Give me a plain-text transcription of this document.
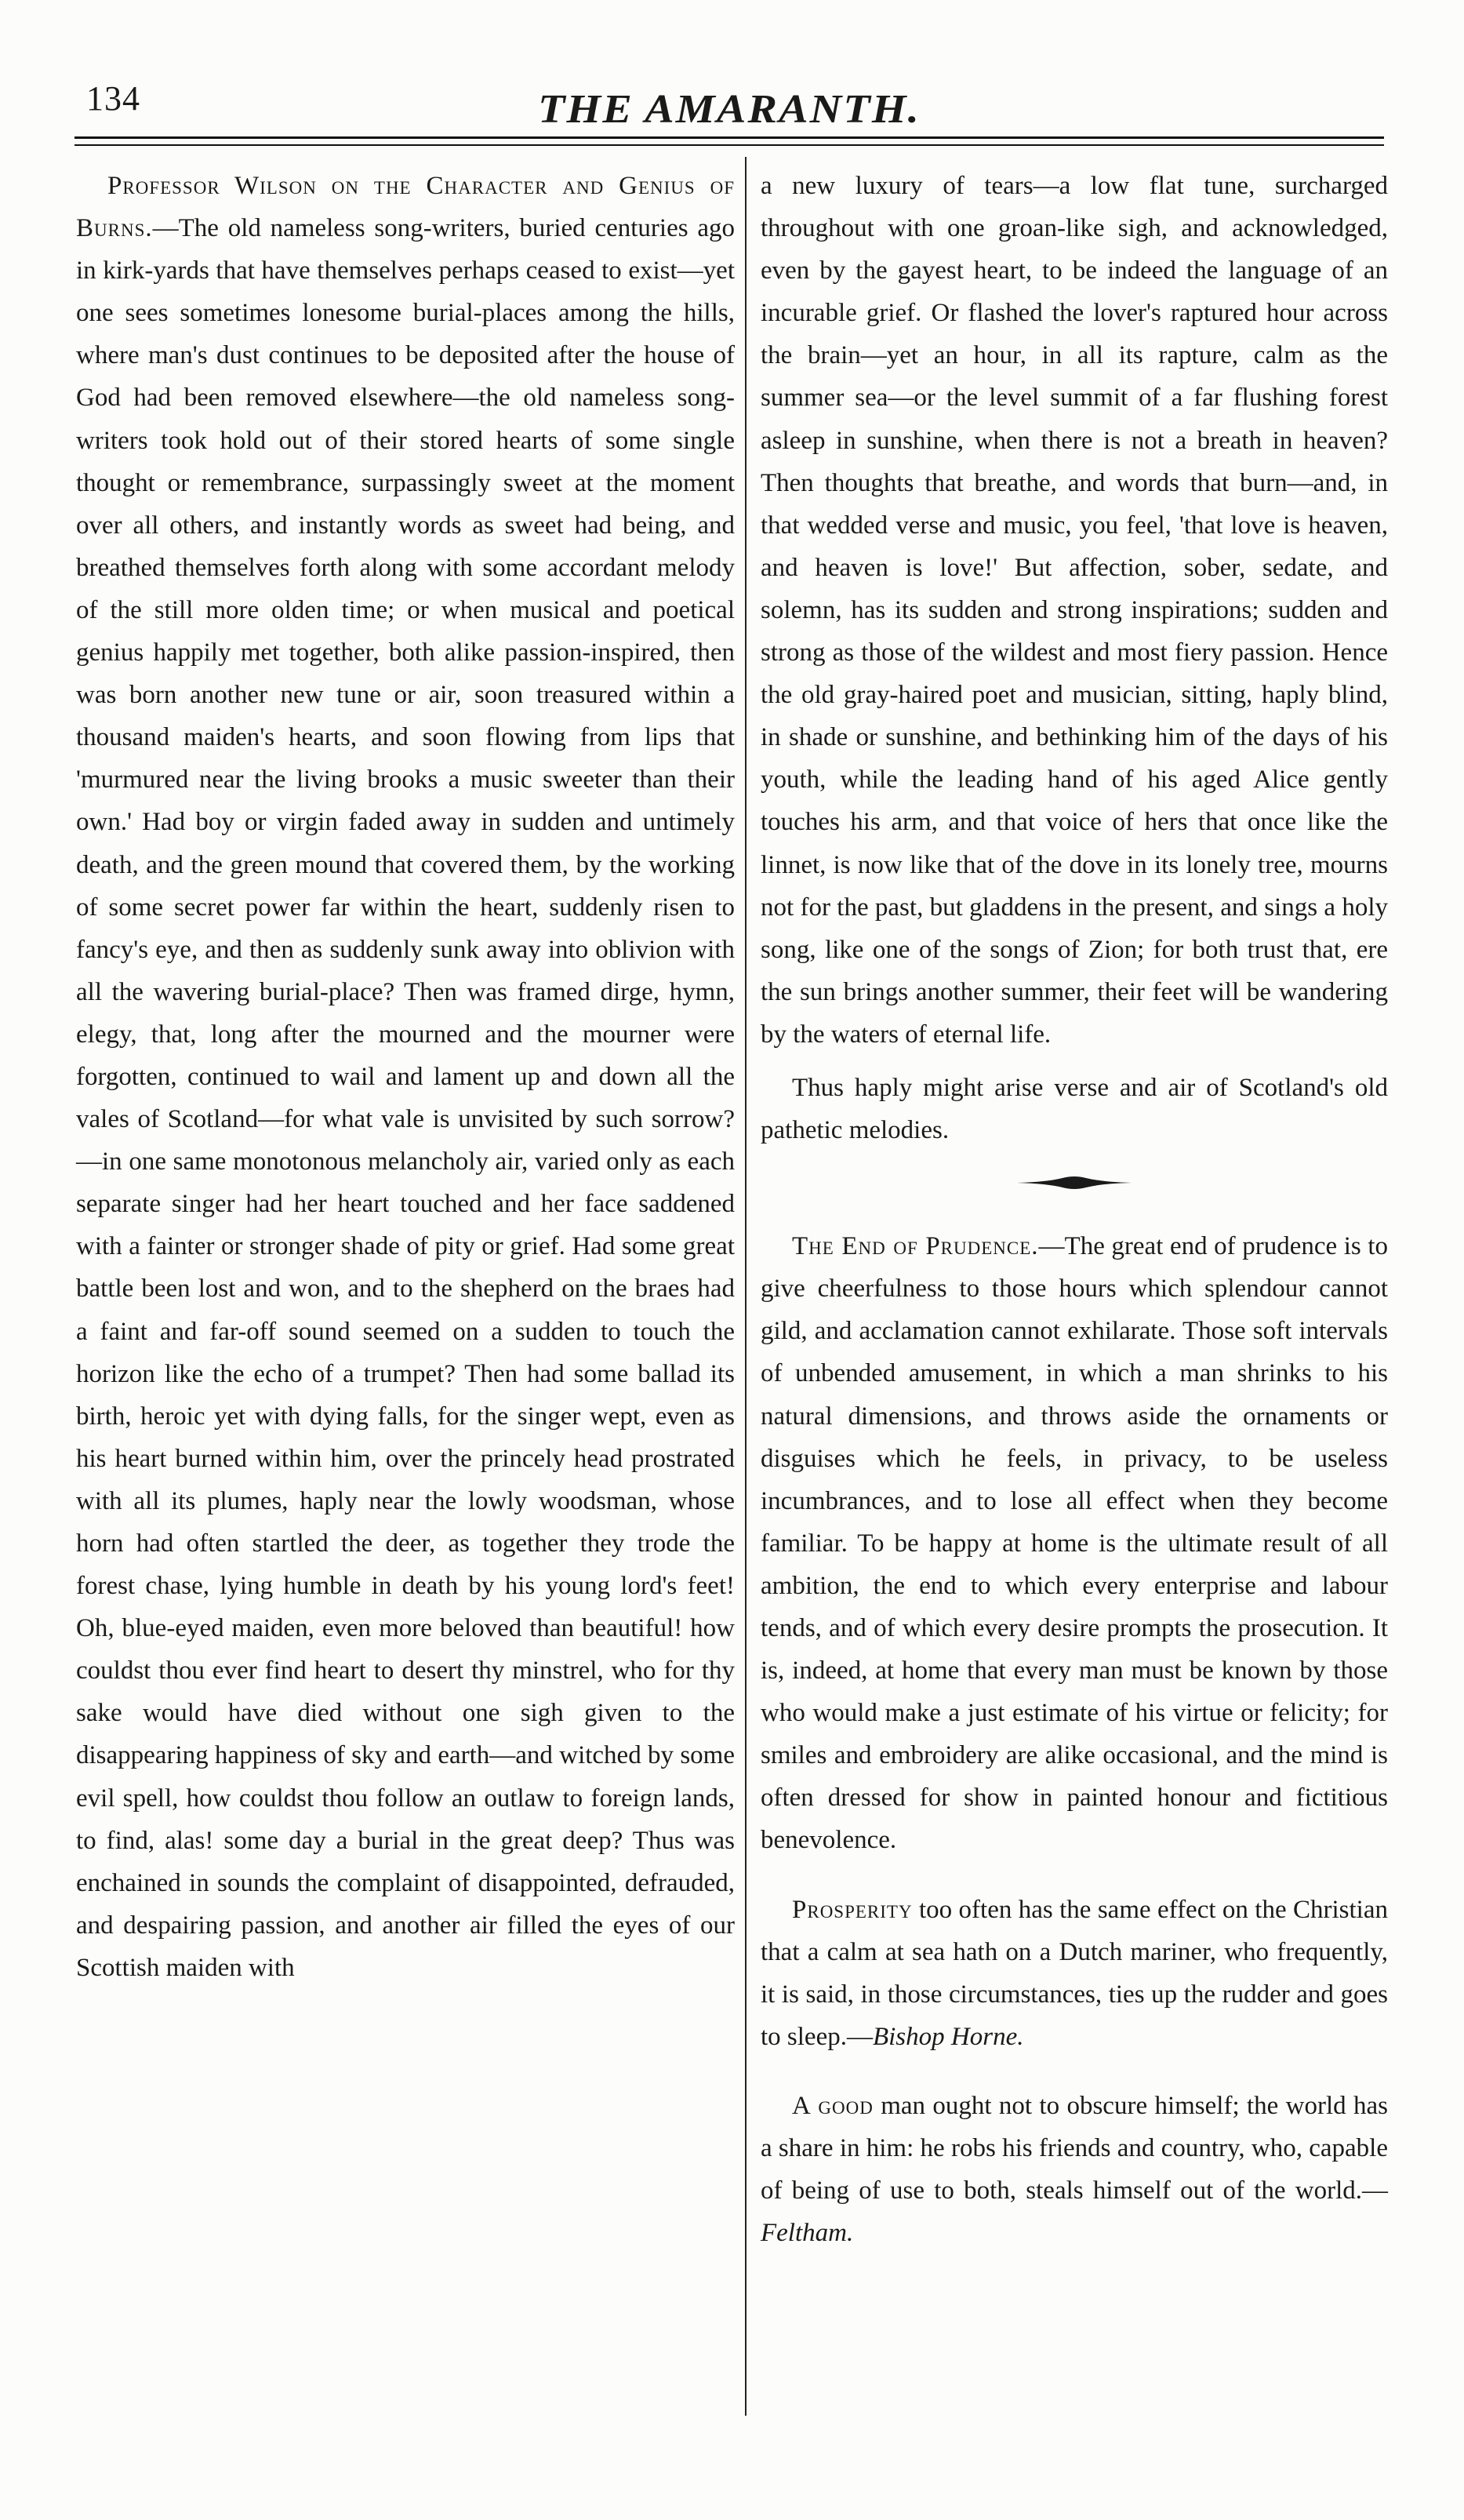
134	THE AMARANTH.

Professor Wilson on the Character and Genius of Burns.—The old nameless song-writers, buried centuries ago in kirk-yards that have themselves perhaps ceased to exist—yet one sees sometimes lonesome burial-places among the hills, where man's dust continues to be deposited after the house of God had been removed elsewhere—the old nameless song-writers took hold out of their stored hearts of some single thought or remembrance, surpassingly sweet at the moment over all others, and instantly words as sweet had being, and breathed themselves forth along with some accordant melody of the still more olden time; or when musical and poetical genius happily met together, both alike passion-inspired, then was born another new tune or air, soon treasured within a thousand maiden's hearts, and soon flowing from lips that 'murmured near the living brooks a music sweeter than their own.' Had boy or virgin faded away in sudden and untimely death, and the green mound that covered them, by the working of some secret power far within the heart, suddenly risen to fancy's eye, and then as suddenly sunk away into oblivion with all the wavering burial-place? Then was framed dirge, hymn, elegy, that, long after the mourned and the mourner were forgotten, continued to wail and lament up and down all the vales of Scotland—for what vale is unvisited by such sorrow?—in one same monotonous melancholy air, varied only as each separate singer had her heart touched and her face saddened with a fainter or stronger shade of pity or grief. Had some great battle been lost and won, and to the shepherd on the braes had a faint and far-off sound seemed on a sudden to touch the horizon like the echo of a trumpet? Then had some ballad its birth, heroic yet with dying falls, for the singer wept, even as his heart burned within him, over the princely head prostrated with all its plumes, haply near the lowly woodsman, whose horn had often startled the deer, as together they trode the forest chase, lying humble in death by his young lord's feet! Oh, blue-eyed maiden, even more beloved than beautiful! how couldst thou ever find heart to desert thy minstrel, who for thy sake would have died without one sigh given to the disappearing happiness of sky and earth—and witched by some evil spell, how couldst thou follow an outlaw to foreign lands, to find, alas! some day a burial in the great deep? Thus was enchained in sounds the complaint of disappointed, defrauded, and despairing passion, and another air filled the eyes of our Scottish maiden with

a new luxury of tears—a low flat tune, surcharged throughout with one groan-like sigh, and acknowledged, even by the gayest heart, to be indeed the language of an incurable grief. Or flashed the lover's raptured hour across the brain—yet an hour, in all its rapture, calm as the summer sea—or the level summit of a far flushing forest asleep in sunshine, when there is not a breath in heaven? Then thoughts that breathe, and words that burn—and, in that wedded verse and music, you feel, 'that love is heaven, and heaven is love!' But affection, sober, sedate, and solemn, has its sudden and strong inspirations; sudden and strong as those of the wildest and most fiery passion. Hence the old gray-haired poet and musician, sitting, haply blind, in shade or sunshine, and bethinking him of the days of his youth, while the leading hand of his aged Alice gently touches his arm, and that voice of hers that once like the linnet, is now like that of the dove in its lonely tree, mourns not for the past, but gladdens in the present, and sings a holy song, like one of the songs of Zion; for both trust that, ere the sun brings another summer, their feet will be wandering by the waters of eternal life.

Thus haply might arise verse and air of Scotland's old pathetic melodies.

The End of Prudence.—The great end of prudence is to give cheerfulness to those hours which splendour cannot gild, and acclamation cannot exhilarate. Those soft intervals of unbended amusement, in which a man shrinks to his natural dimensions, and throws aside the ornaments or disguises which he feels, in privacy, to be useless incumbrances, and to lose all effect when they become familiar. To be happy at home is the ultimate result of all ambition, the end to which every enterprise and labour tends, and of which every desire prompts the prosecution. It is, indeed, at home that every man must be known by those who would make a just estimate of his virtue or felicity; for smiles and embroidery are alike occasional, and the mind is often dressed for show in painted honour and fictitious benevolence.

Prosperity too often has the same effect on the Christian that a calm at sea hath on a Dutch mariner, who frequently, it is said, in those circumstances, ties up the rudder and goes to sleep.—Bishop Horne.

A good man ought not to obscure himself; the world has a share in him: he robs his friends and country, who, capable of being of use to both, steals himself out of the world.—Feltham.
